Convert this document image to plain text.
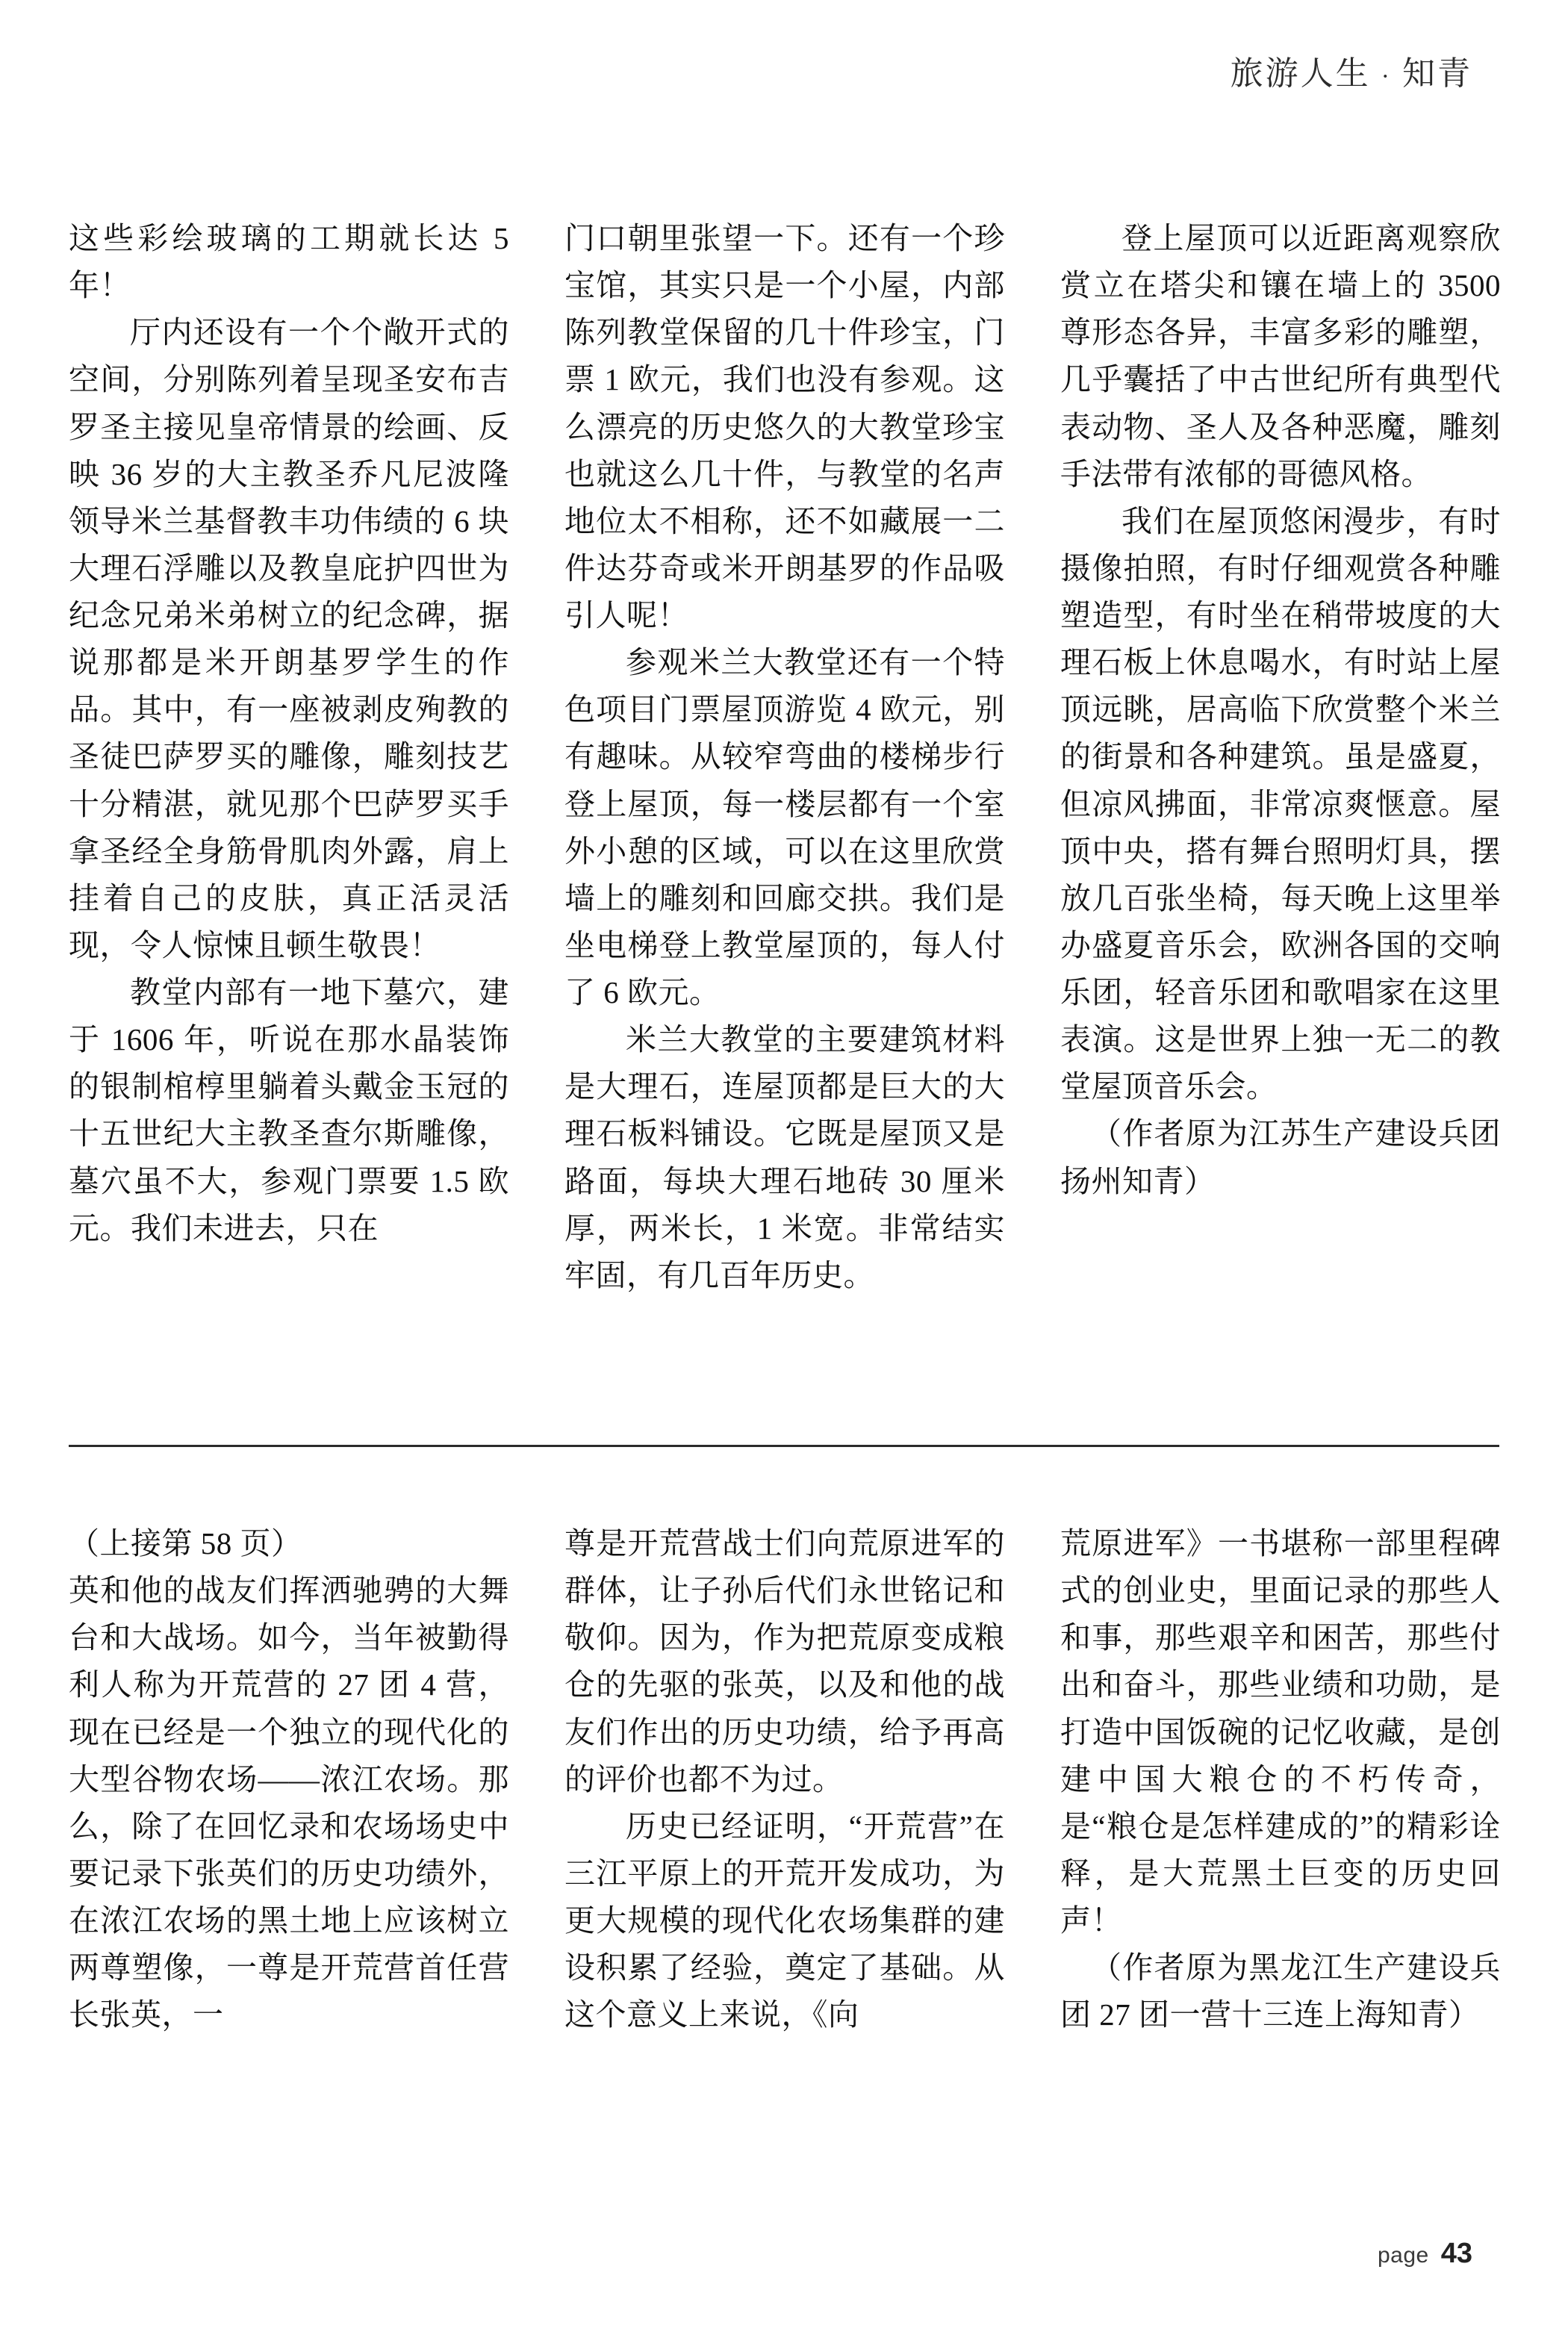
旅游人生 · 知青

这些彩绘玻璃的工期就长达 5 年！

厅内还设有一个个敞开式的空间，分别陈列着呈现圣安布吉罗圣主接见皇帝情景的绘画、反映 36 岁的大主教圣乔凡尼波隆领导米兰基督教丰功伟绩的 6 块大理石浮雕以及教皇庇护四世为纪念兄弟米弟树立的纪念碑，据说那都是米开朗基罗学生的作品。其中，有一座被剥皮殉教的圣徒巴萨罗买的雕像，雕刻技艺十分精湛，就见那个巴萨罗买手拿圣经全身筋骨肌肉外露，肩上挂着自己的皮肤，真正活灵活现，令人惊悚且顿生敬畏！

教堂内部有一地下墓穴，建于 1606 年，听说在那水晶装饰的银制棺椁里躺着头戴金玉冠的十五世纪大主教圣查尔斯雕像，墓穴虽不大，参观门票要 1.5 欧元。我们未进去，只在

门口朝里张望一下。还有一个珍宝馆，其实只是一个小屋，内部陈列教堂保留的几十件珍宝，门票 1 欧元，我们也没有参观。这么漂亮的历史悠久的大教堂珍宝也就这么几十件，与教堂的名声地位太不相称，还不如藏展一二件达芬奇或米开朗基罗的作品吸引人呢！

参观米兰大教堂还有一个特色项目门票屋顶游览 4 欧元，别有趣味。从较窄弯曲的楼梯步行登上屋顶，每一楼层都有一个室外小憩的区域，可以在这里欣赏墙上的雕刻和回廊交拱。我们是坐电梯登上教堂屋顶的，每人付了 6 欧元。

米兰大教堂的主要建筑材料是大理石，连屋顶都是巨大的大理石板料铺设。它既是屋顶又是路面，每块大理石地砖 30 厘米厚，两米长，1 米宽。非常结实牢固，有几百年历史。

登上屋顶可以近距离观察欣赏立在塔尖和镶在墙上的 3500 尊形态各异，丰富多彩的雕塑，几乎囊括了中古世纪所有典型代表动物、圣人及各种恶魔，雕刻手法带有浓郁的哥德风格。

我们在屋顶悠闲漫步，有时摄像拍照，有时仔细观赏各种雕塑造型，有时坐在稍带坡度的大理石板上休息喝水，有时站上屋顶远眺，居高临下欣赏整个米兰的街景和各种建筑。虽是盛夏，但凉风拂面，非常凉爽惬意。屋顶中央，搭有舞台照明灯具，摆放几百张坐椅，每天晚上这里举办盛夏音乐会，欧洲各国的交响乐团，轻音乐团和歌唱家在这里表演。这是世界上独一无二的教堂屋顶音乐会。

（作者原为江苏生产建设兵团扬州知青）

（上接第 58 页）

英和他的战友们挥洒驰骋的大舞台和大战场。如今，当年被勤得利人称为开荒营的 27 团 4 营，现在已经是一个独立的现代化的大型谷物农场——浓江农场。那么，除了在回忆录和农场场史中要记录下张英们的历史功绩外，在浓江农场的黑土地上应该树立两尊塑像，一尊是开荒营首任营长张英，一

尊是开荒营战士们向荒原进军的群体，让子孙后代们永世铭记和敬仰。因为，作为把荒原变成粮仓的先驱的张英，以及和他的战友们作出的历史功绩，给予再高的评价也都不为过。

历史已经证明，“开荒营”在三江平原上的开荒开发成功，为更大规模的现代化农场集群的建设积累了经验，奠定了基础。从这个意义上来说，《向

荒原进军》一书堪称一部里程碑式的创业史，里面记录的那些人和事，那些艰辛和困苦，那些付出和奋斗，那些业绩和功勋，是打造中国饭碗的记忆收藏，是创建中国大粮仓的不朽传奇，是“粮仓是怎样建成的”的精彩诠释，是大荒黑土巨变的历史回声！

（作者原为黑龙江生产建设兵团 27 团一营十三连上海知青）

page 43
